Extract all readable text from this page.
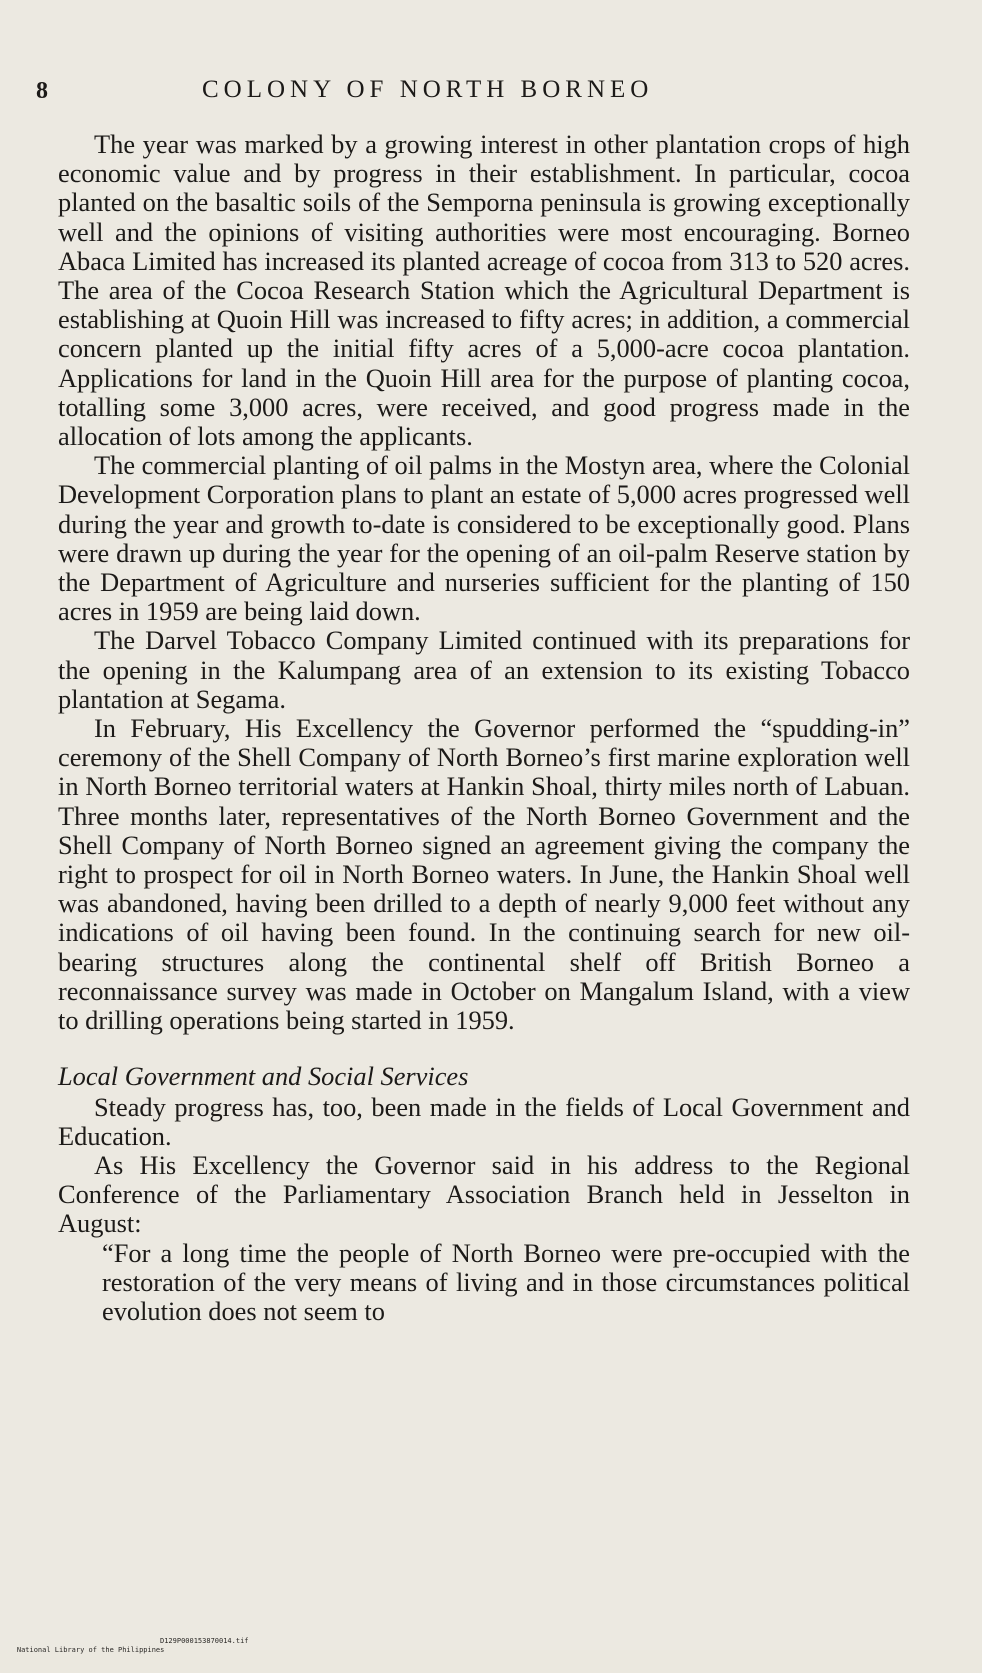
8	COLONY OF NORTH BORNEO

The year was marked by a growing interest in other plantation crops of high economic value and by progress in their establishment. In particular, cocoa planted on the basaltic soils of the Semporna peninsula is growing exceptionally well and the opinions of visiting authorities were most encouraging. Borneo Abaca Limited has increased its planted acreage of cocoa from 313 to 520 acres. The area of the Cocoa Research Station which the Agricultural Department is establishing at Quoin Hill was increased to fifty acres; in addition, a commercial concern planted up the initial fifty acres of a 5,000-acre cocoa plantation. Applications for land in the Quoin Hill area for the purpose of planting cocoa, totalling some 3,000 acres, were received, and good progress made in the allocation of lots among the applicants.

The commercial planting of oil palms in the Mostyn area, where the Colonial Development Corporation plans to plant an estate of 5,000 acres progressed well during the year and growth to-date is considered to be exceptionally good. Plans were drawn up during the year for the opening of an oil-palm Reserve station by the Department of Agriculture and nurseries sufficient for the planting of 150 acres in 1959 are being laid down.

The Darvel Tobacco Company Limited continued with its preparations for the opening in the Kalumpang area of an extension to its existing Tobacco plantation at Segama.

In February, His Excellency the Governor performed the “spudding-in” ceremony of the Shell Company of North Borneo’s first marine exploration well in North Borneo territorial waters at Hankin Shoal, thirty miles north of Labuan. Three months later, representatives of the North Borneo Government and the Shell Company of North Borneo signed an agreement giving the company the right to prospect for oil in North Borneo waters. In June, the Hankin Shoal well was abandoned, having been drilled to a depth of nearly 9,000 feet without any indications of oil having been found. In the continuing search for new oil-bearing structures along the continental shelf off British Borneo a reconnaissance survey was made in October on Mangalum Island, with a view to drilling operations being started in 1959.

Local Government and Social Services

Steady progress has, too, been made in the fields of Local Government and Education.

As His Excellency the Governor said in his address to the Regional Conference of the Parliamentary Association Branch held in Jesselton in August:

“For a long time the people of North Borneo were pre-occupied with the restoration of the very means of living and in those circumstances political evolution does not seem to

National Library of the Philippines

D129P000153870014.tif
